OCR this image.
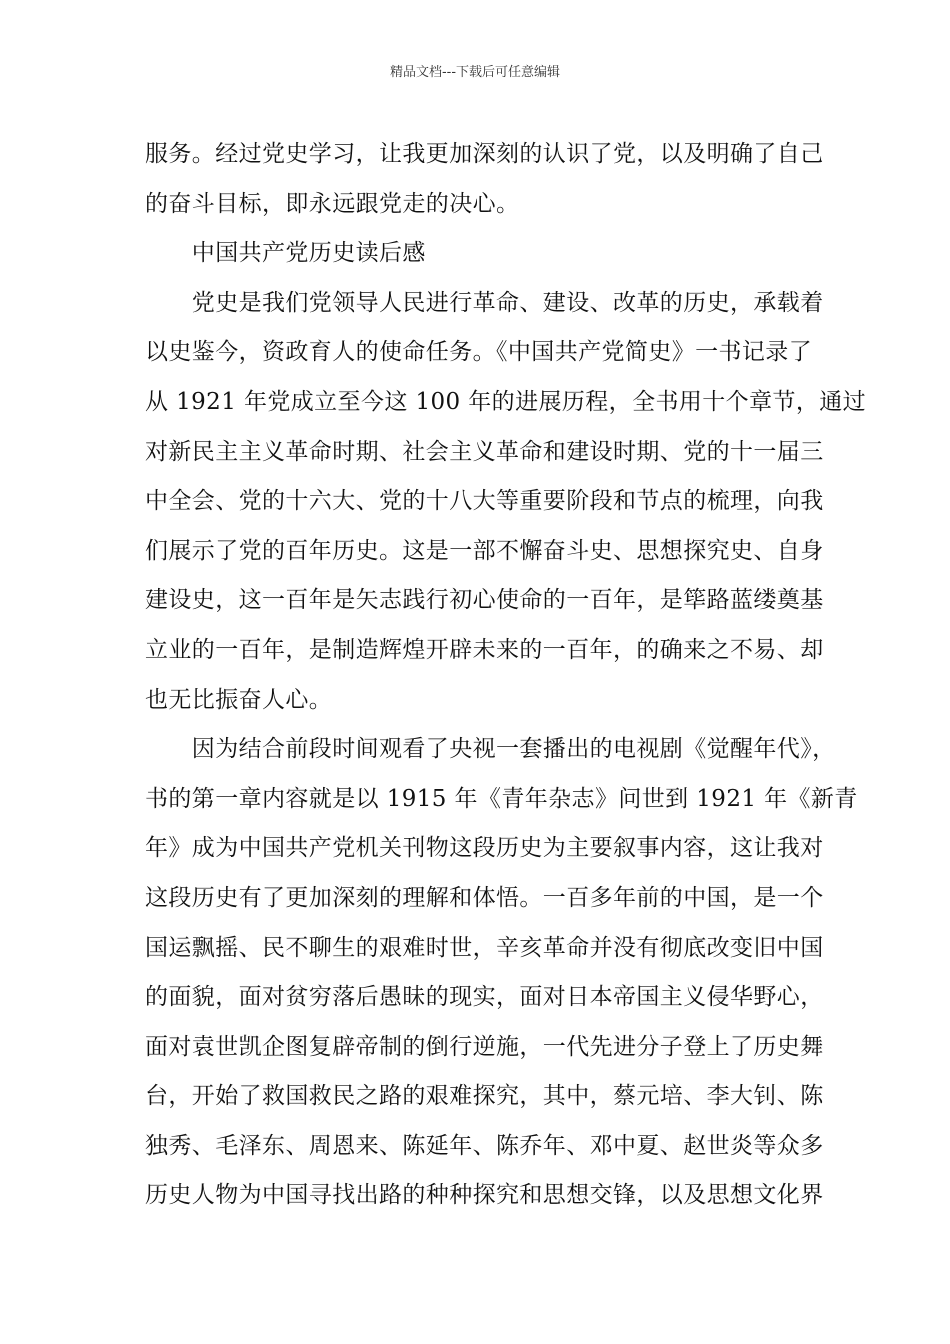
精品文档---下载后可任意编辑
服务。经过党史学习，让我更加深刻的认识了党，以及明确了自己
的奋斗目标，即永远跟党走的决心。
　　中国共产党历史读后感
　　党史是我们党领导人民进行革命、建设、改革的历史，承载着
以史鉴今，资政育人的使命任务。《中国共产党简史》一书记录了
从 1921 年党成立至今这 100 年的进展历程，全书用十个章节，通过
对新民主主义革命时期、社会主义革命和建设时期、党的十一届三
中全会、党的十六大、党的十八大等重要阶段和节点的梳理，向我
们展示了党的百年历史。这是一部不懈奋斗史、思想探究史、自身
建设史，这一百年是矢志践行初心使命的一百年，是筚路蓝缕奠基
立业的一百年，是制造辉煌开辟未来的一百年，的确来之不易、却
也无比振奋人心。
　　因为结合前段时间观看了央视一套播出的电视剧《觉醒年代》，
书的第一章内容就是以 1915 年《青年杂志》问世到 1921 年《新青
年》成为中国共产党机关刊物这段历史为主要叙事内容，这让我对
这段历史有了更加深刻的理解和体悟。一百多年前的中国，是一个
国运飘摇、民不聊生的艰难时世，辛亥革命并没有彻底改变旧中国
的面貌，面对贫穷落后愚昧的现实，面对日本帝国主义侵华野心，
面对袁世凯企图复辟帝制的倒行逆施，一代先进分子登上了历史舞
台，开始了救国救民之路的艰难探究，其中，蔡元培、李大钊、陈
独秀、毛泽东、周恩来、陈延年、陈乔年、邓中夏、赵世炎等众多
历史人物为中国寻找出路的种种探究和思想交锋，以及思想文化界
